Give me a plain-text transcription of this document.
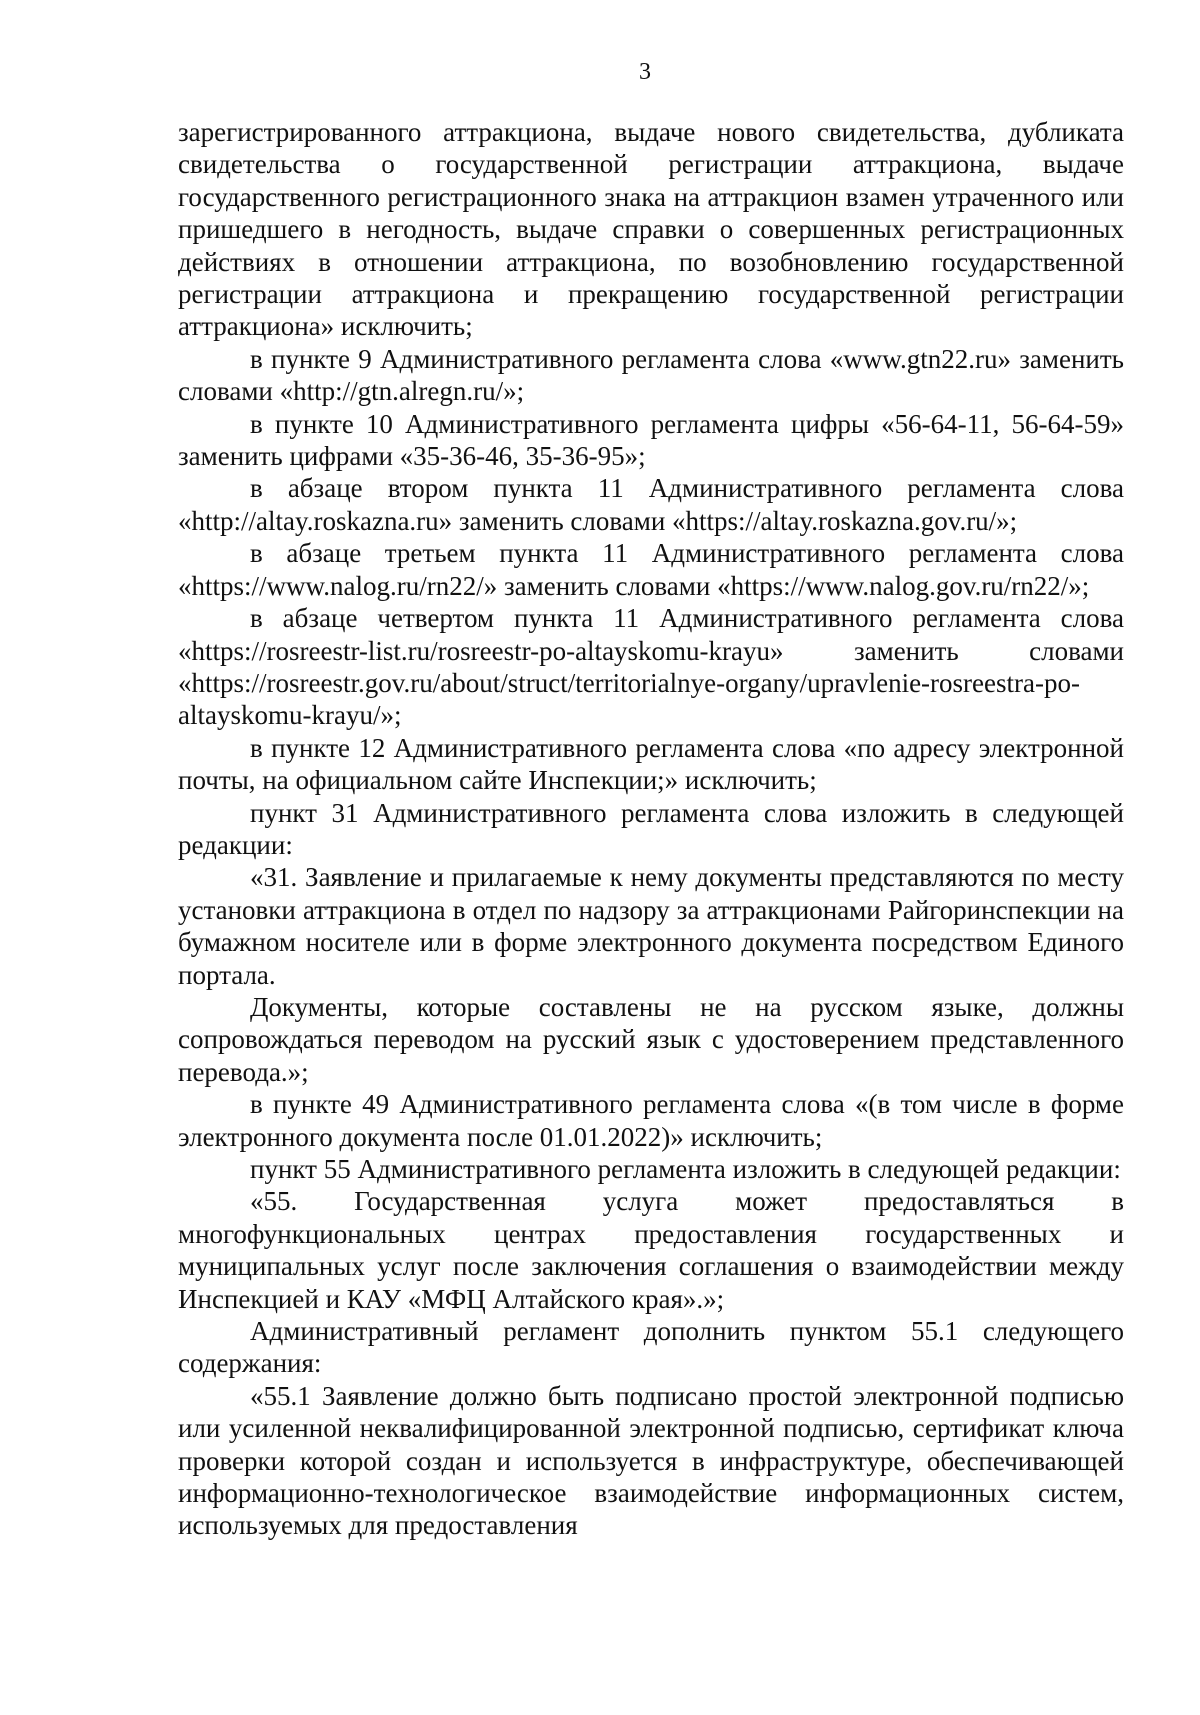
3

зарегистрированного аттракциона, выдаче нового свидетельства, дубликата свидетельства о государственной регистрации аттракциона, выдаче государственного регистрационного знака на аттракцион взамен утраченного или пришедшего в негодность, выдаче справки о совершенных регистрационных действиях в отношении аттракциона, по возобновлению государственной регистрации аттракциона и прекращению государственной регистрации аттракциона» исключить;

в пункте 9 Административного регламента слова «www.gtn22.ru» заменить словами «http://gtn.alregn.ru/»;

в пункте 10 Административного регламента цифры «56-64-11, 56-64-59» заменить цифрами «35-36-46, 35-36-95»;

в абзаце втором пункта 11 Административного регламента слова «http://altay.roskazna.ru» заменить словами «https://altay.roskazna.gov.ru/»;

в абзаце третьем пункта 11 Административного регламента слова «https://www.nalog.ru/rn22/» заменить словами «https://www.nalog.gov.ru/rn22/»;

в абзаце четвертом пункта 11 Административного регламента слова «https://rosreestr-list.ru/rosreestr-po-altayskomu-krayu» заменить словами «https://rosreestr.gov.ru/about/struct/territorialnye-organy/upravlenie-rosreestra-po-altayskomu-krayu/»;

в пункте 12 Административного регламента слова «по адресу электронной почты, на официальном сайте Инспекции;» исключить;

пункт 31 Административного регламента слова изложить в следующей редакции:

«31. Заявление и прилагаемые к нему документы представляются по месту установки аттракциона в отдел по надзору за аттракционами Райгоринспекции на бумажном носителе или в форме электронного документа посредством Единого портала.

Документы, которые составлены не на русском языке, должны сопровождаться переводом на русский язык с удостоверением представленного перевода.»;

в пункте 49 Административного регламента слова «(в том числе в форме электронного документа после 01.01.2022)» исключить;

пункт 55 Административного регламента изложить в следующей редакции:

«55. Государственная услуга может предоставляться в многофункциональных центрах предоставления государственных и муниципальных услуг после заключения соглашения о взаимодействии между Инспекцией и КАУ «МФЦ Алтайского края».»;

Административный регламент дополнить пунктом 55.1 следующего содержания:

«55.1 Заявление должно быть подписано простой электронной подписью или усиленной неквалифицированной электронной подписью, сертификат ключа проверки которой создан и используется в инфраструктуре, обеспечивающей информационно-технологическое взаимодействие информационных систем, используемых для предоставления
